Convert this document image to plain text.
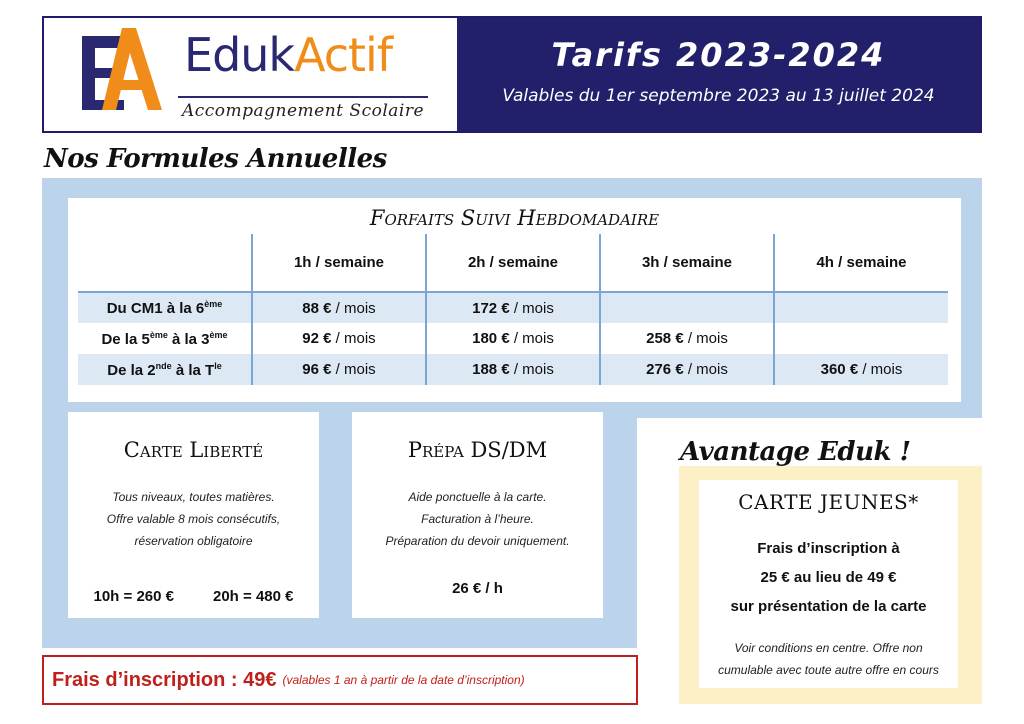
EdukActif
Accompagnement Scolaire
Tarifs 2023-2024
Valables du 1er septembre 2023 au 13 juillet 2024
Nos Formules Annuelles
Forfaits Suivi Hebdomadaire
	1h / semaine	2h / semaine	3h / semaine	4h / semaine
Du CM1 à la 6ème	88 € / mois	172 € / mois		
De la 5ème à la 3ème	92 € / mois	180 € / mois	258 € / mois	
De la 2nde à la $T^{le}$	96 € / mois	188 € / mois	276 € / mois	360 € / mois
Carte Liberté
Tous niveaux, toutes matières.
Offre valable 8 mois consécutifs,
réservation obligatoire
10h = 260 €	20h = 480 €
Prépa DS/DM
Aide ponctuelle à la carte.
Facturation à l’heure.
Préparation du devoir uniquement.
26 € / h
Avantage Eduk !
CARTE JEUNES*
Frais d’inscription à
25 € au lieu de 49 €
sur présentation de la carte
Voir conditions en centre. Offre non
cumulable avec toute autre offre en cours
Frais d’inscription : 49€ (valables 1 an à partir de la date d’inscription)
